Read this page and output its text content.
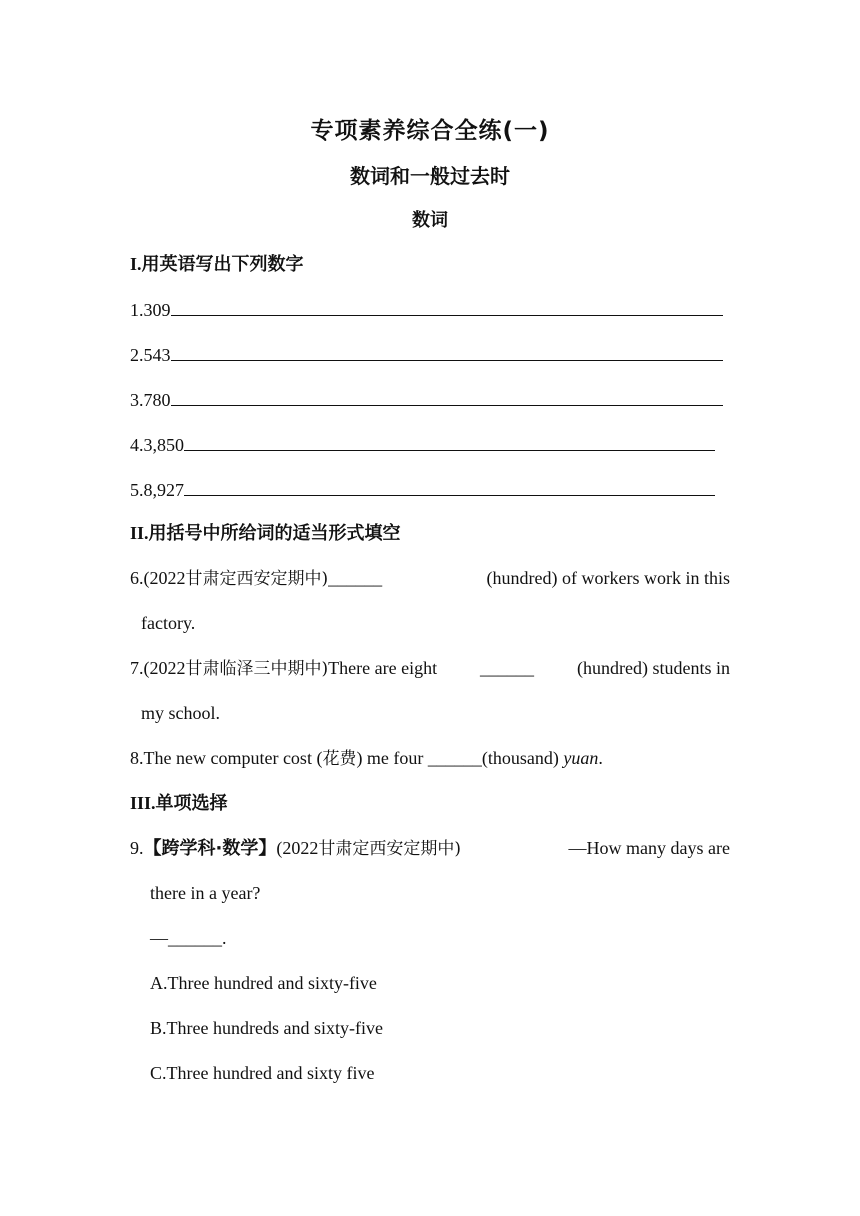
专项素养综合全练(一)
数词和一般过去时
数词
I.用英语写出下列数字
1.309
2.543
3.780
4.3,850
5.8,927
II.用括号中所给词的适当形式填空
6.(2022甘肃定西安定期中)______	(hundred) of workers work in this
factory.
7.(2022甘肃临泽三中期中)There are eight ______ (hundred) students in
my school.
8.The new computer cost (花费) me four ______(thousand) yuan.
III.单项选择
9.【跨学科·数学】(2022甘肃定西安定期中)	—How many days are
there in a year?
—______.
A.Three hundred and sixty-five
B.Three hundreds and sixty-five
C.Three hundred and sixty five
